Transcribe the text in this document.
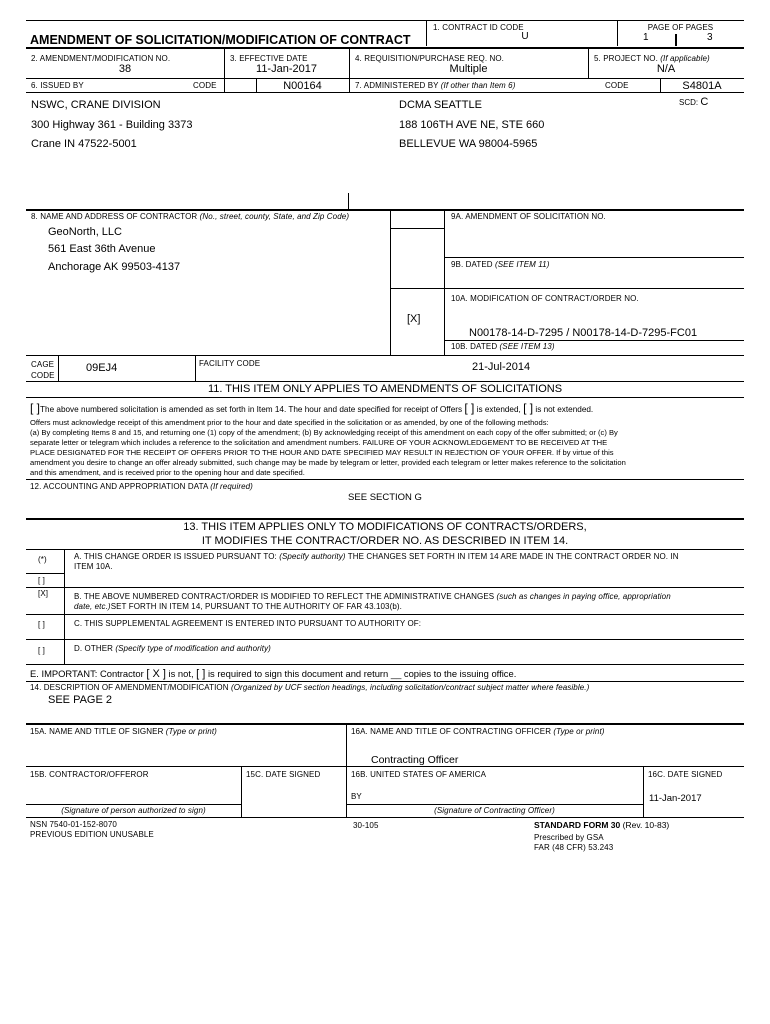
1. CONTRACT ID CODE
U
PAGE OF PAGES
1	3
AMENDMENT OF SOLICITATION/MODIFICATION OF CONTRACT
2. AMENDMENT/MODIFICATION NO.
38
3. EFFECTIVE DATE
11-Jan-2017
4. REQUISITION/PURCHASE REQ. NO.
Multiple
5. PROJECT NO. (If applicable)
N/A
6. ISSUED BY	CODE	N00164	7. ADMINISTERED BY (If other than Item 6)	CODE	S4801A
NSWC, CRANE DIVISION
300 Highway 361 - Building 3373
Crane IN 47522-5001
DCMA SEATTLE
188 106TH AVE NE, STE 660
BELLEVUE WA 98004-5965
SCD: C
8. NAME AND ADDRESS OF CONTRACTOR (No., street, county, State, and Zip Code)
GeoNorth, LLC
561 East 36th Avenue
Anchorage AK 99503-4137
9A. AMENDMENT OF SOLICITATION NO.
9B. DATED (SEE ITEM 11)
10A. MODIFICATION OF CONTRACT/ORDER NO.
[X]
N00178-14-D-7295 / N00178-14-D-7295-FC01
10B. DATED (SEE ITEM 13)
CAGE
CODE
09EJ4	FACILITY CODE	21-Jul-2014
11. THIS ITEM ONLY APPLIES TO AMENDMENTS OF SOLICITATIONS
[ ]The above numbered solicitation is amended as set forth in Item 14. The hour and date specified for receipt of Offers [ ] is extended, [ ] is not extended.
Offers must acknowledge receipt of this amendment prior to the hour and date specified in the solicitation or as amended, by one of the following methods:
(a) By completing Items 8 and 15, and returning one (1) copy of the amendment; (b) By acknowledging receipt of this amendment on each copy of the offer submitted; or (c) By
separate letter or telegram which includes a reference to the solicitation and amendment numbers. FAILURE OF YOUR ACKNOWLEDGEMENT TO BE RECEIVED AT THE
PLACE DESIGNATED FOR THE RECEIPT OF OFFERS PRIOR TO THE HOUR AND DATE SPECIFIED MAY RESULT IN REJECTION OF YOUR OFFER. If by virtue of this
amendment you desire to change an offer already submitted, such change may be made by telegram or letter, provided each telegram or letter makes reference to the solicitation
and this amendment, and is received prior to the opening hour and date specified.
12. ACCOUNTING AND APPROPRIATION DATA (If required)
SEE SECTION G
13. THIS ITEM APPLIES ONLY TO MODIFICATIONS OF CONTRACTS/ORDERS,
IT MODIFIES THE CONTRACT/ORDER NO. AS DESCRIBED IN ITEM 14.
(*)	A. THIS CHANGE ORDER IS ISSUED PURSUANT TO: (Specify authority) THE CHANGES SET FORTH IN ITEM 14 ARE MADE IN THE CONTRACT ORDER NO. IN
ITEM 10A.
[ ]
[X]	B. THE ABOVE NUMBERED CONTRACT/ORDER IS MODIFIED TO REFLECT THE ADMINISTRATIVE CHANGES (such as changes in paying office, appropriation
date, etc.)SET FORTH IN ITEM 14, PURSUANT TO THE AUTHORITY OF FAR 43.103(b).
[ ]	C. THIS SUPPLEMENTAL AGREEMENT IS ENTERED INTO PURSUANT TO AUTHORITY OF:
[ ]	D. OTHER (Specify type of modification and authority)
E. IMPORTANT: Contractor [ X ] is not, [ ] is required to sign this document and return __ copies to the issuing office.
14. DESCRIPTION OF AMENDMENT/MODIFICATION (Organized by UCF section headings, including solicitation/contract subject matter where feasible.)
SEE PAGE 2
15A. NAME AND TITLE OF SIGNER (Type or print)	16A. NAME AND TITLE OF CONTRACTING OFFICER (Type or print)
Contracting Officer
15B. CONTRACTOR/OFFEROR	15C. DATE SIGNED	16B. UNITED STATES OF AMERICA	16C. DATE SIGNED
BY	11-Jan-2017
(Signature of person authorized to sign)	(Signature of Contracting Officer)
NSN 7540-01-152-8070
PREVIOUS EDITION UNUSABLE
30-105	STANDARD FORM 30 (Rev. 10-83)
Prescribed by GSA
FAR (48 CFR) 53.243
